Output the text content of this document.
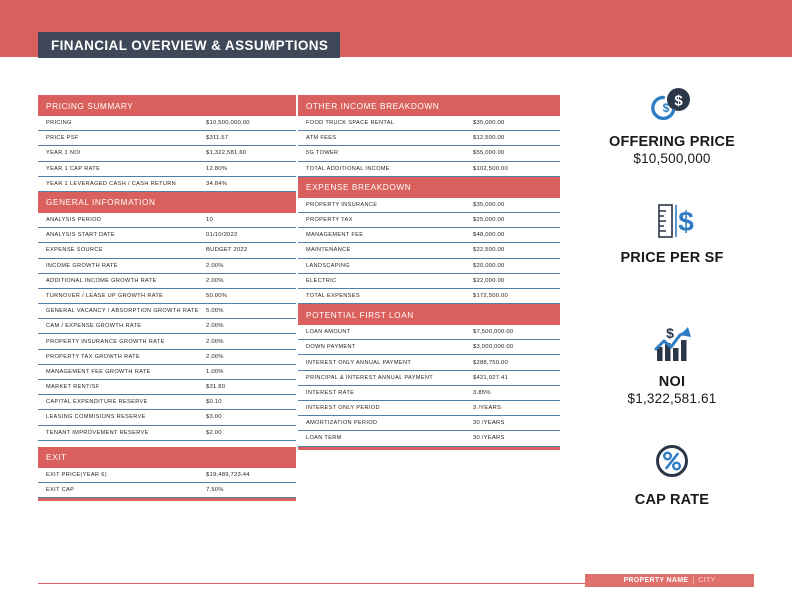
FINANCIAL OVERVIEW & ASSUMPTIONS
PRICING SUMMARY
PRICING	$10,500,000.00
PRICE PSF	$311.57
YEAR 1 NOI	$1,322,581.60
YEAR 1 CAP RATE	12.80%
YEAR 1 LEVERAGED CASH / CASH RETURN	34.84%
GENERAL INFORMATION
ANALYSIS PERIOD	10
ANALYSIS START DATE	01/10/2022
EXPENSE SOURCE	BUDGET 2022
INCOME GROWTH RATE	2.00%
ADDITIONAL INCOME GROWTH RATE	2.00%
TURNOVER / LEASE UP GROWTH RATE	50.00%
GENERAL VACANCY / ABSORPTION GROWTH RATE	5.00%
CAM / EXPENSE GROWTH RATE	2.00%
PROPERTY INSURANCE GROWTH RATE	2.00%
PROPERTY TAX GROWTH RATE	2.00%
MANAGEMENT FEE GROWTH RATE	1.00%
MARKET RENT/SF	$31.80
CAPITAL EXPENDITURE RESERVE	$0.10
LEASING COMMISIONS RESERVE	$3.00
TENANT IMPROVEMENT RESERVE	$2.00
EXIT
EXIT PRICE(YEAR 6)	$19,489,723.44
EXIT CAP	7.50%
OTHER INCOME BREAKDOWN
FOOD TRUCK SPACE RENTAL	$35,000.00
ATM FEES	$12,500.00
5G TOWER	$55,000.00
TOTAL ADDITIONAL INCOME	$102,500.00
EXPENSE BREAKDOWN
PROPERTY INSURANCE	$35,000.00
PROPERTY TAX	$25,000.00
MANAGEMENT FEE	$48,000.00
MAINTENANCE	$22,500.00
LANDSCAPING	$20,000.00
ELECTRIC	$22,000.00
TOTAL EXPENSES	$172,500.00
POTENTIAL FIRST LOAN
LOAN AMOUNT	$7,500,000.00
DOWN PAYMENT	$3,000,000.00
INTEREST ONLY ANNUAL PAYMENT	$288,750.00
PRINCIPAL & INTEREST ANNUAL PAYMENT	$421,927.41
INTEREST RATE	3.85%
INTEREST ONLY PERIOD	3 /YEARS
AMORTIZATION PERIOD	30 /YEARS
LOAN TERM	30 /YEARS
$
$
OFFERING PRICE
$10,500,000
$
PRICE PER SF
$
NOI
$1,322,581.61
CAP RATE
PROPERTY NAME | CITY
